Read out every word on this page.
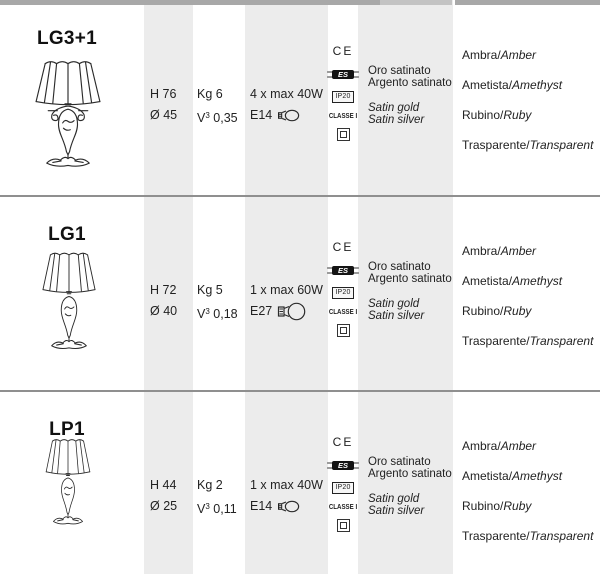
LG3+1
H 76
Ø 45
Kg 6
$V^3$ 0,35
4 x max 40W
E14
CE
ES
IP20
CLASSE I

Oro satinato
Argento satinato

Satin gold
Satin silver

Ambra/Amber
Ametista/Amethyst
Rubino/Ruby
Trasparente/Transparent
LG1
H 72
Ø 40
Kg 5
$V^3$ 0,18
1 x max 60W
E27
CE
ES
IP20
CLASSE I

Oro satinato
Argento satinato

Satin gold
Satin silver

Ambra/Amber
Ametista/Amethyst
Rubino/Ruby
Trasparente/Transparent
LP1
H 44
Ø 25
Kg 2
$V^3$ 0,11
1 x max 40W
E14
CE
ES
IP20
CLASSE I

Oro satinato
Argento satinato

Satin gold
Satin silver

Ambra/Amber
Ametista/Amethyst
Rubino/Ruby
Trasparente/Transparent
